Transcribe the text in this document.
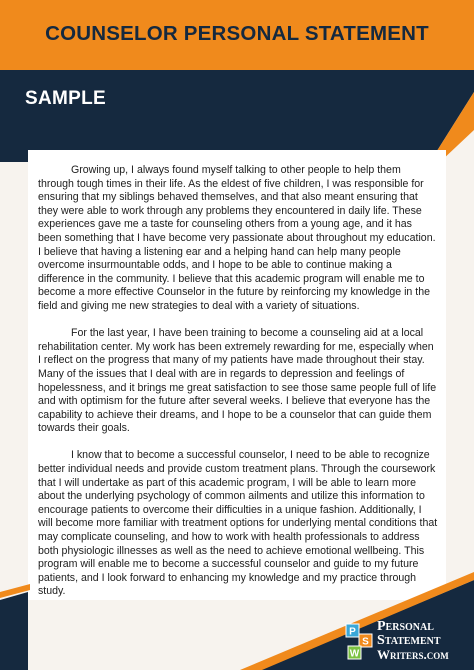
COUNSELOR PERSONAL STATEMENT
SAMPLE

Growing up, I always found myself talking to other people to help them through tough times in their life. As the eldest of five children, I was responsible for ensuring that my siblings behaved themselves, and that also meant ensuring that they were able to work through any problems they encountered in daily life. These experiences gave me a taste for counseling others from a young age, and it has been something that I have become very passionate about throughout my education. I believe that having a listening ear and a helping hand can help many people overcome insurmountable odds, and I hope to be able to continue making a difference in the community. I believe that this academic program will enable me to become a more effective Counselor in the future by reinforcing my knowledge in the field and giving me new strategies to deal with a variety of situations.

For the last year, I have been training to become a counseling aid at a local rehabilitation center. My work has been extremely rewarding for me, especially when I reflect on the progress that many of my patients have made throughout their stay. Many of the issues that I deal with are in regards to depression and feelings of hopelessness, and it brings me great satisfaction to see those same people full of life and with optimism for the future after several weeks. I believe that everyone has the capability to achieve their dreams, and I hope to be a counselor that can guide them towards their goals.

I know that to become a successful counselor, I need to be able to recognize better individual needs and provide custom treatment plans. Through the coursework that I will undertake as part of this academic program, I will be able to learn more about the underlying psychology of common ailments and utilize this information to encourage patients to overcome their difficulties in a unique fashion. Additionally, I will become more familiar with treatment options for underlying mental conditions that may complicate counseling, and how to work with health professionals to address both physiologic illnesses as well as the need to achieve emotional wellbeing. This program will enable me to become a successful counselor and guide to my future patients, and I look forward to enhancing my knowledge and my practice through study.

P
S
W
Personal
Statement
Writers.com
